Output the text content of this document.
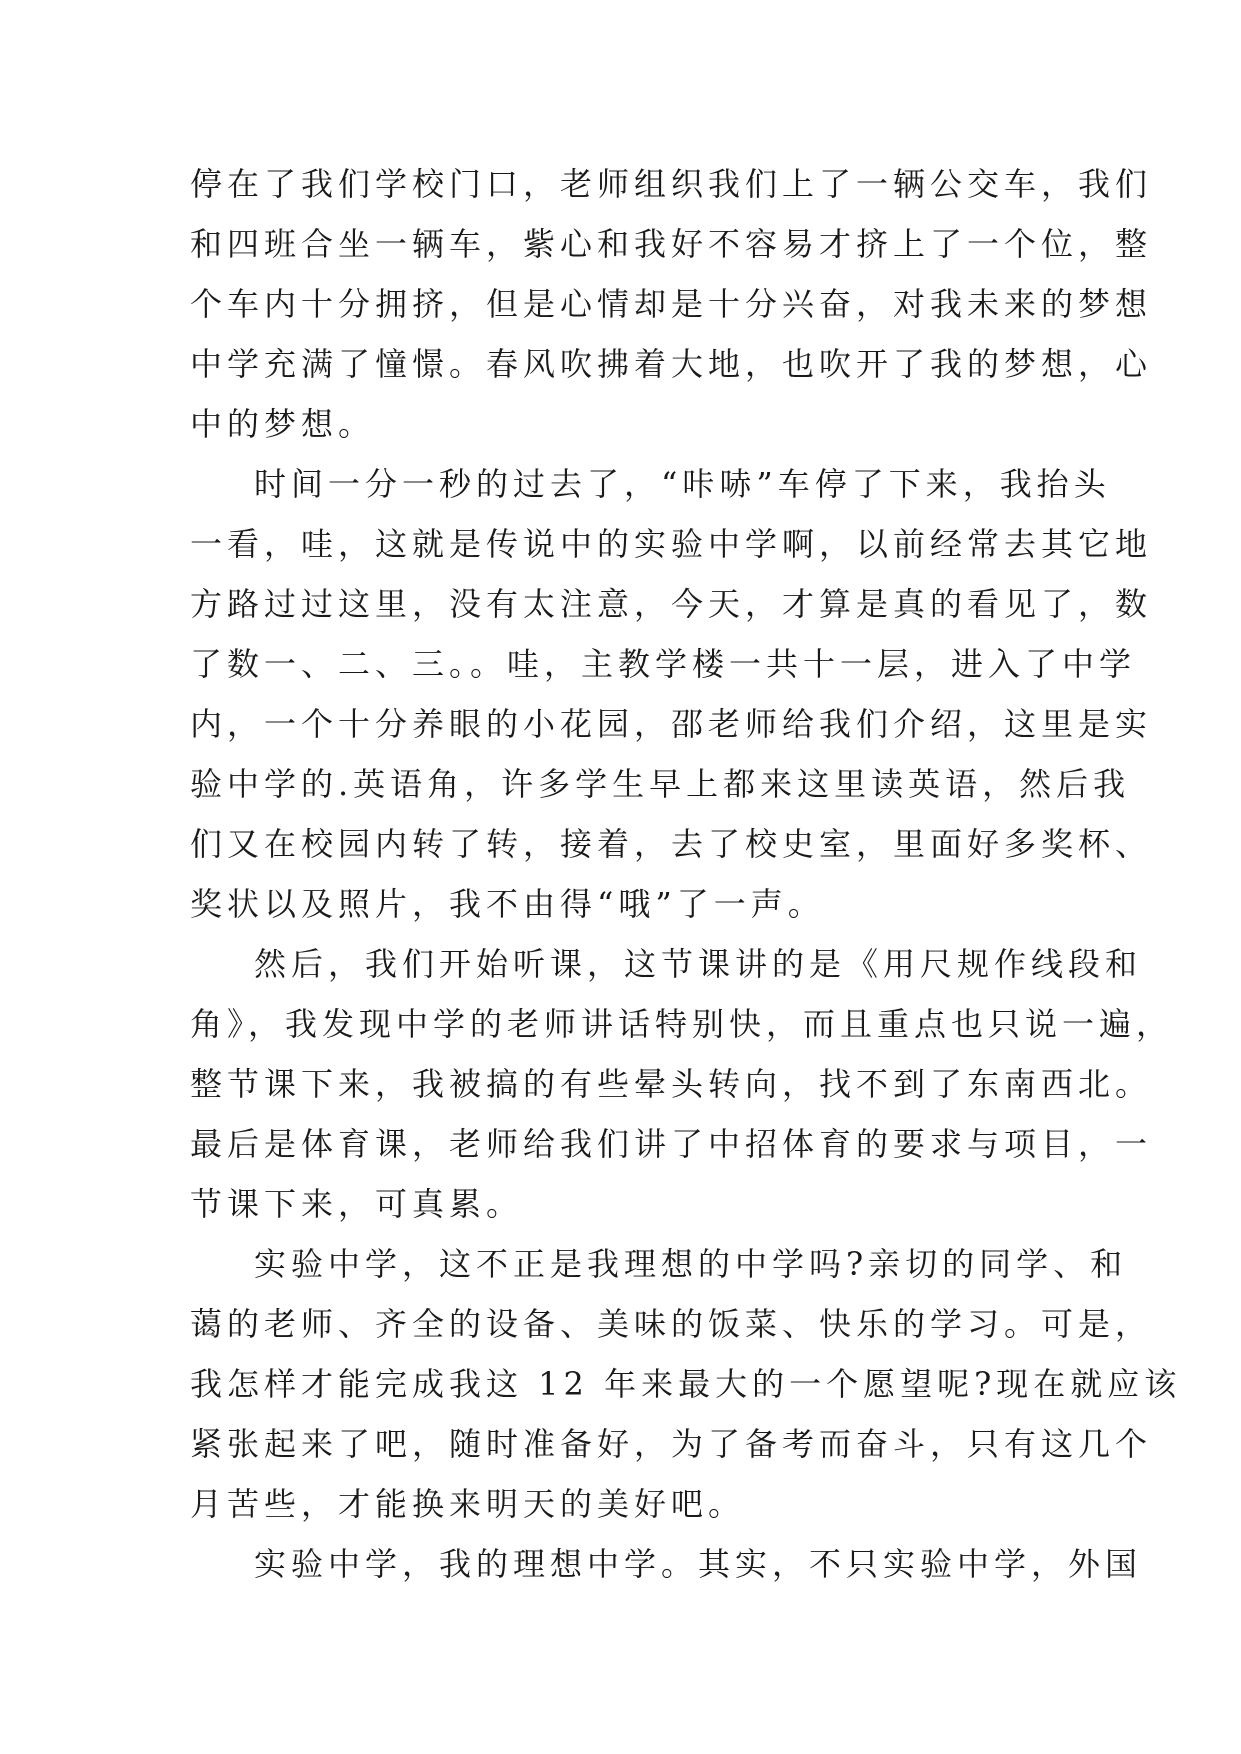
停在了我们学校门口，老师组织我们上了一辆公交车，我们
和四班合坐一辆车，紫心和我好不容易才挤上了一个位，整
个车内十分拥挤，但是心情却是十分兴奋，对我未来的梦想
中学充满了憧憬。春风吹拂着大地，也吹开了我的梦想，心
中的梦想。
时间一分一秒的过去了，“咔哧”车停了下来，我抬头
一看，哇，这就是传说中的实验中学啊，以前经常去其它地
方路过过这里，没有太注意，今天，才算是真的看见了，数
了数一、二、三。。哇，主教学楼一共十一层，进入了中学
内，一个十分养眼的小花园，邵老师给我们介绍，这里是实
验中学的.英语角，许多学生早上都来这里读英语，然后我
们又在校园内转了转，接着，去了校史室，里面好多奖杯、
奖状以及照片，我不由得“哦”了一声。
然后，我们开始听课，这节课讲的是《用尺规作线段和
角》，我发现中学的老师讲话特别快，而且重点也只说一遍，
整节课下来，我被搞的有些晕头转向，找不到了东南西北。
最后是体育课，老师给我们讲了中招体育的要求与项目，一
节课下来，可真累。
实验中学，这不正是我理想的中学吗?亲切的同学、和
蔼的老师、齐全的设备、美味的饭菜、快乐的学习。可是，
我怎样才能完成我这 12 年来最大的一个愿望呢?现在就应该
紧张起来了吧，随时准备好，为了备考而奋斗，只有这几个
月苦些，才能换来明天的美好吧。
实验中学，我的理想中学。其实，不只实验中学，外国
